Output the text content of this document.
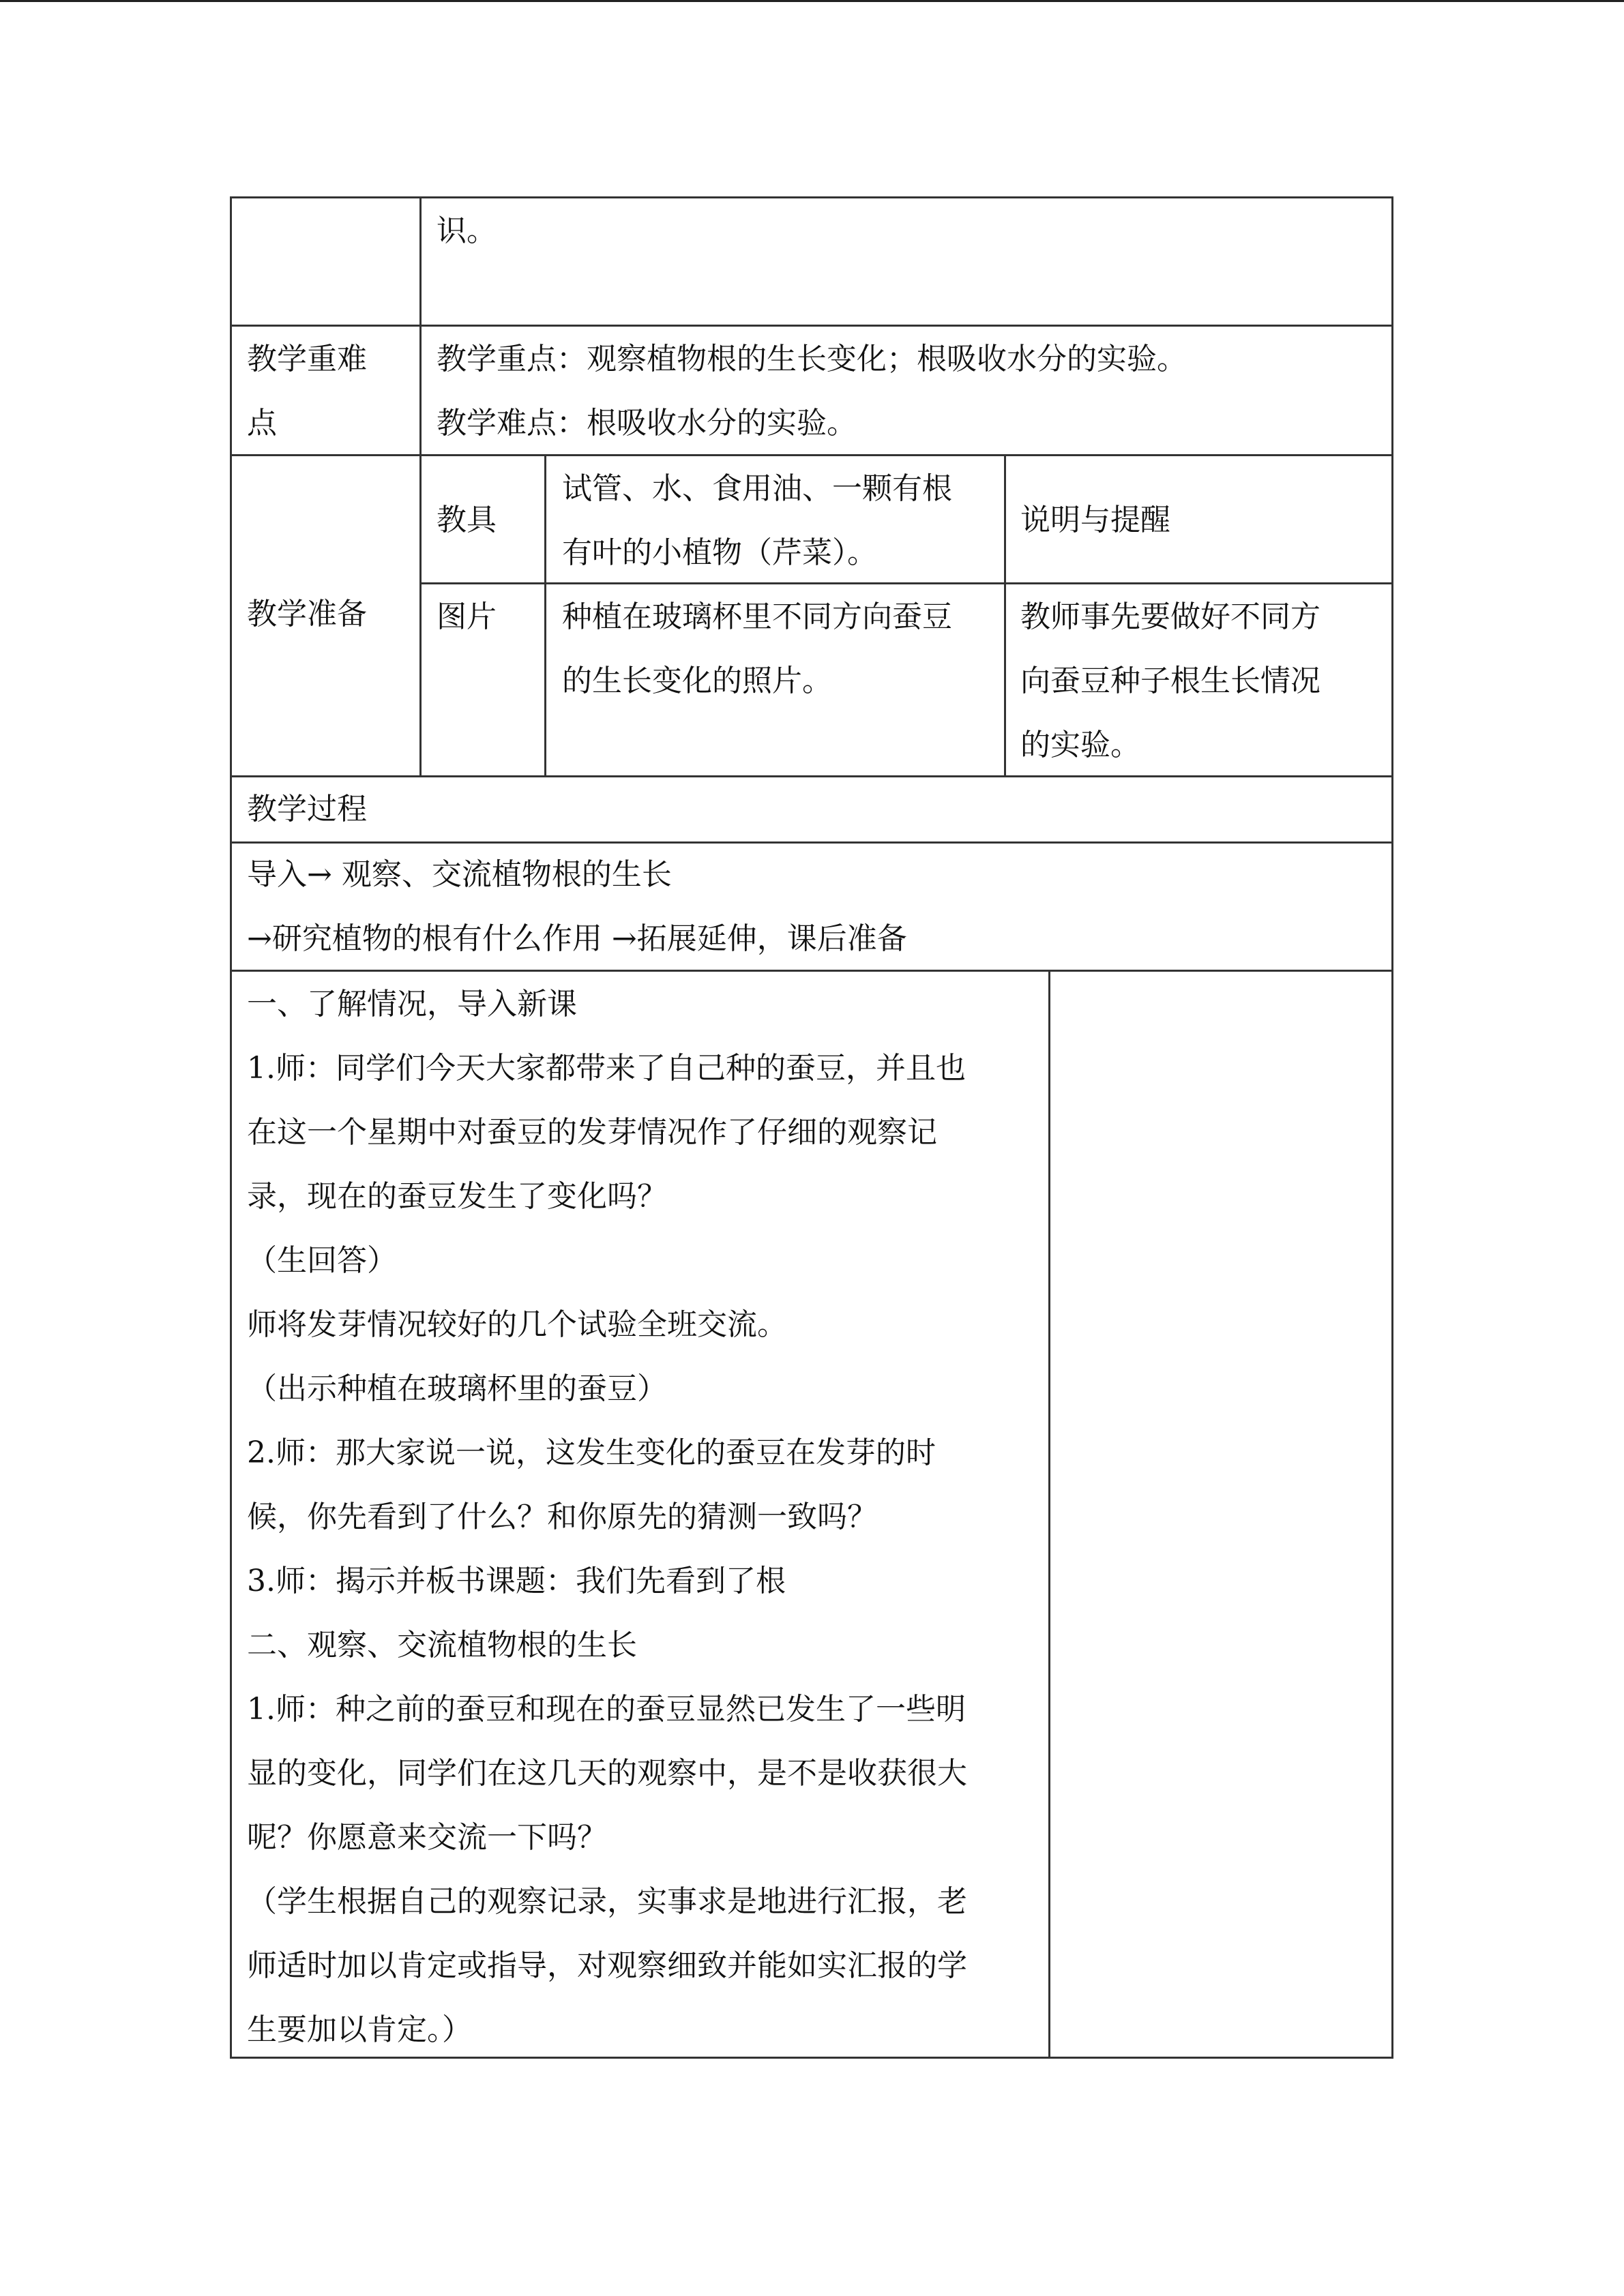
识。

教学重难
点
教学重点：观察植物根的生长变化；根吸收水分的实验。
教学难点：根吸收水分的实验。

教学准备

教具

试管、水、食用油、一颗有根
有叶的小植物（芹菜）。

说明与提醒

图片 种植在玻璃杯里不同方向蚕豆
的生长变化的照片。
教师事先要做好不同方
向蚕豆种子根生长情况
的实验。

教学过程

导入→ 观察、交流植物根的生长
→研究植物的根有什么作用 →拓展延伸，课后准备
一、了解情况，导入新课
1.师：同学们今天大家都带来了自己种的蚕豆，并且也
在这一个星期中对蚕豆的发芽情况作了仔细的观察记
录，现在的蚕豆发生了变化吗？
（生回答）
师将发芽情况较好的几个试验全班交流。
（出示种植在玻璃杯里的蚕豆）
2.师：那大家说一说，这发生变化的蚕豆在发芽的时
候，你先看到了什么？和你原先的猜测一致吗？
3.师：揭示并板书课题：我们先看到了根
二、观察、交流植物根的生长
1.师：种之前的蚕豆和现在的蚕豆显然已发生了一些明
显的变化，同学们在这几天的观察中，是不是收获很大
呢？你愿意来交流一下吗？
（学生根据自己的观察记录，实事求是地进行汇报，老
师适时加以肯定或指导，对观察细致并能如实汇报的学
生要加以肯定。）
